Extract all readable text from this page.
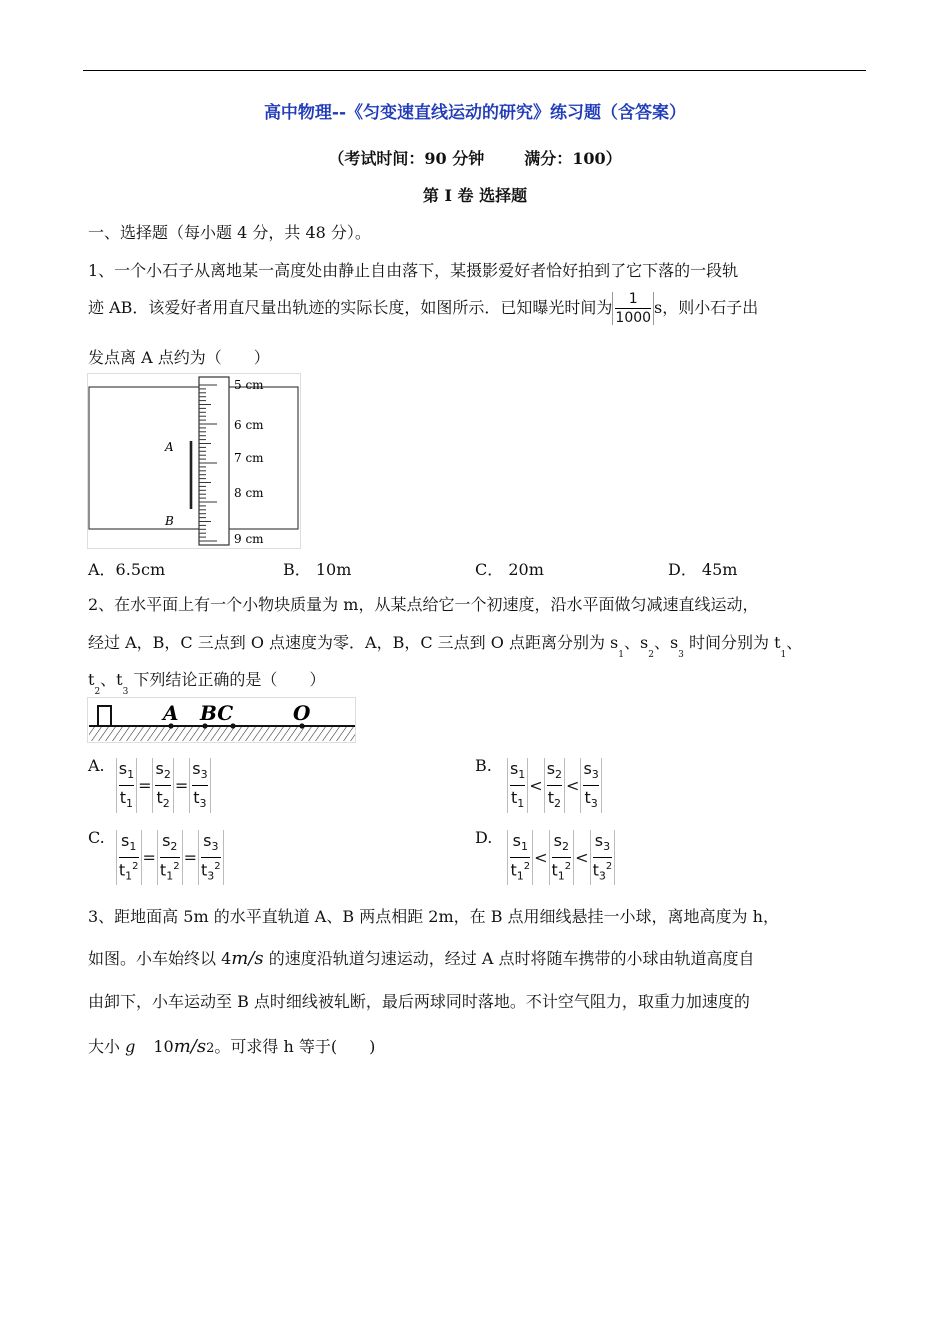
高中物理--《匀变速直线运动的研究》练习题（含答案）
（考试时间：90 分钟	满分：100）
第 I 卷 选择题
一、选择题（每小题 4 分，共 48 分）。
1、一个小石子从离地某一高度处由静止自由落下，某摄影爱好者恰好拍到了它下落的一段轨
迹 AB．该爱好者用直尺量出轨迹的实际长度，如图所示．已知曝光时间为 $\frac{1}{1000}$ s，则小石子出
发点离 A 点约为（　　）
A
B
5 cm
6 cm
7 cm
8 cm
9 cm
A．6.5cm	B． 10m	C． 20m	D． 45m
2、在水平面上有一个小物块质量为 m，从某点给它一个初速度，沿水平面做匀减速直线运动，
经过 A，B，C 三点到 O 点速度为零．A，B，C 三点到 O 点距离分别为 $s_1$、$s_2$、$s_3$ 时间分别为 $t_1$、
$t_2$、$t_3$ 下列结论正确的是（　　）
A BC	O
A. $\frac{s_1}{t_1} = \frac{s_2}{t_2} = \frac{s_3}{t_3}$	B. $\frac{s_1}{t_1} < \frac{s_2}{t_2} < \frac{s_3}{t_3}$
C. $\frac{s_1}{t_1^2} = \frac{s_2}{t_1^2} = \frac{s_3}{t_3^2}$	D. $\frac{s_1}{t_1^2} < \frac{s_2}{t_1^2} < \frac{s_3}{t_3^2}$
3、距地面高 5m 的水平直轨道 A、B 两点相距 2m，在 B 点用细线悬挂一小球，离地高度为 h，
如图。小车始终以 4m/s 的速度沿轨道匀速运动，经过 A 点时将随车携带的小球由轨道高度自
由卸下，小车运动至 B 点时细线被轧断，最后两球同时落地。不计空气阻力，取重力加速度的
大小 g 10m/s2。可求得 h 等于(　　)
